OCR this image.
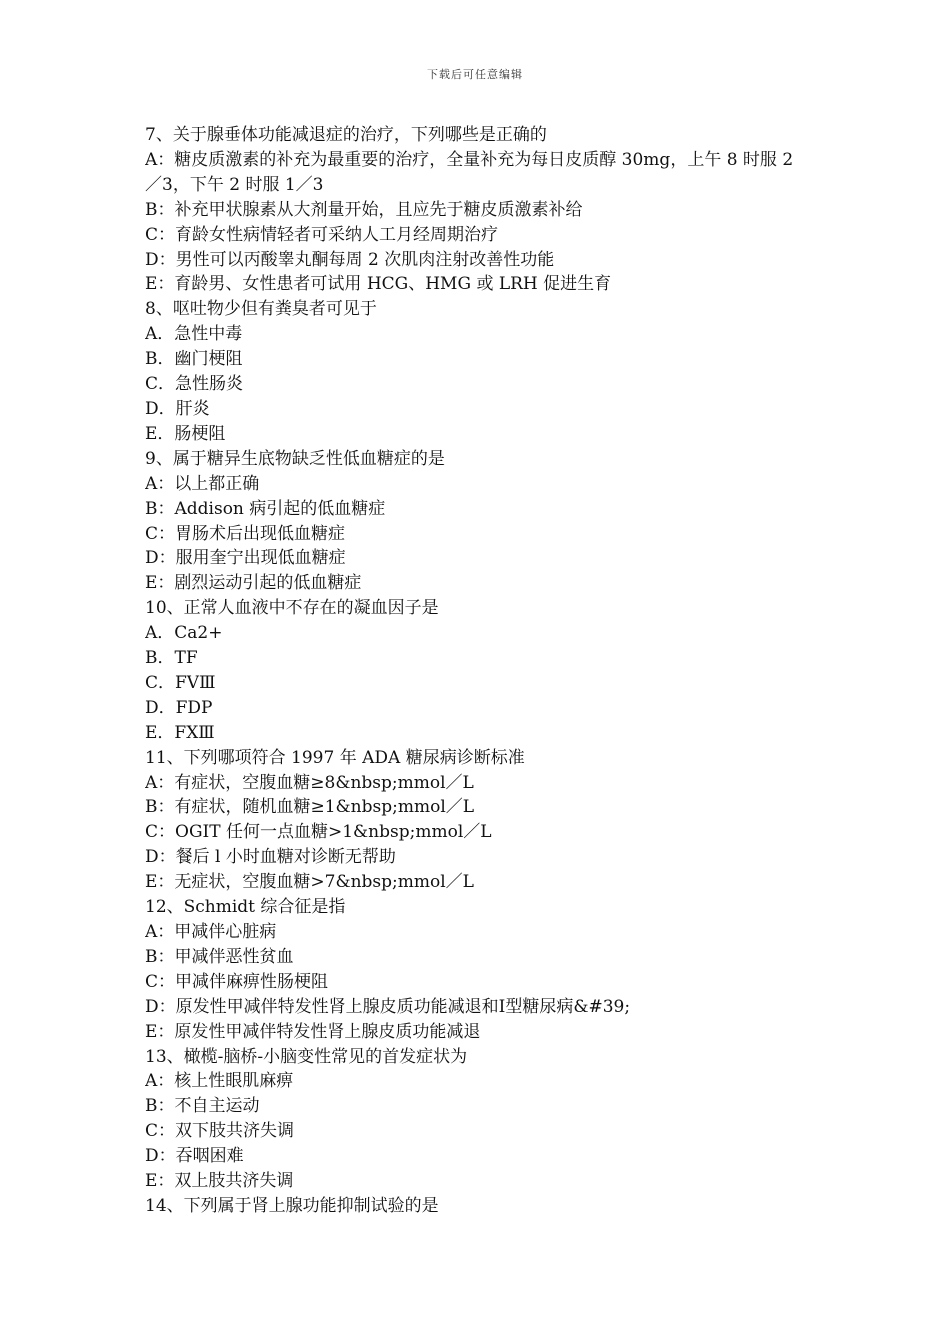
下载后可任意编辑
7、关于腺垂体功能减退症的治疗，下列哪些是正确的
A：糖皮质激素的补充为最重要的治疗，全量补充为每日皮质醇 30mg，上午 8 时服 2／3，下午 2 时服 1／3
B：补充甲状腺素从大剂量开始，且应先于糖皮质激素补给
C：育龄女性病情轻者可采纳人工月经周期治疗
D：男性可以丙酸睾丸酮每周 2 次肌肉注射改善性功能
E：育龄男、女性患者可试用 HCG、HMG 或 LRH 促进生育
8、呕吐物少但有粪臭者可见于
A．急性中毒
B．幽门梗阻
C．急性肠炎
D．肝炎
E．肠梗阻
9、属于糖异生底物缺乏性低血糖症的是
A：以上都正确
B：Addison 病引起的低血糖症
C：胃肠术后出现低血糖症
D：服用奎宁出现低血糖症
E：剧烈运动引起的低血糖症
10、正常人血液中不存在的凝血因子是
A．Ca2+
B．TF
C．FVⅢ
D．FDP
E．FⅩⅢ
11、下列哪项符合 1997 年 ADA 糖尿病诊断标准
A：有症状，空腹血糖≥8&nbsp;mmol／L
B：有症状，随机血糖≥1&nbsp;mmol／L
C：OGIT 任何一点血糖>1&nbsp;mmol／L
D：餐后 l 小时血糖对诊断无帮助
E：无症状，空腹血糖>7&nbsp;mmol／L
12、Schmidt 综合征是指
A：甲减伴心脏病
B：甲减伴恶性贫血
C：甲减伴麻痹性肠梗阻
D：原发性甲减伴特发性肾上腺皮质功能减退和Ⅰ型糖尿病&#39;
E：原发性甲减伴特发性肾上腺皮质功能减退
13、橄榄-脑桥-小脑变性常见的首发症状为
A：核上性眼肌麻痹
B：不自主运动
C：双下肢共济失调
D：吞咽困难
E：双上肢共济失调
14、下列属于肾上腺功能抑制试验的是
